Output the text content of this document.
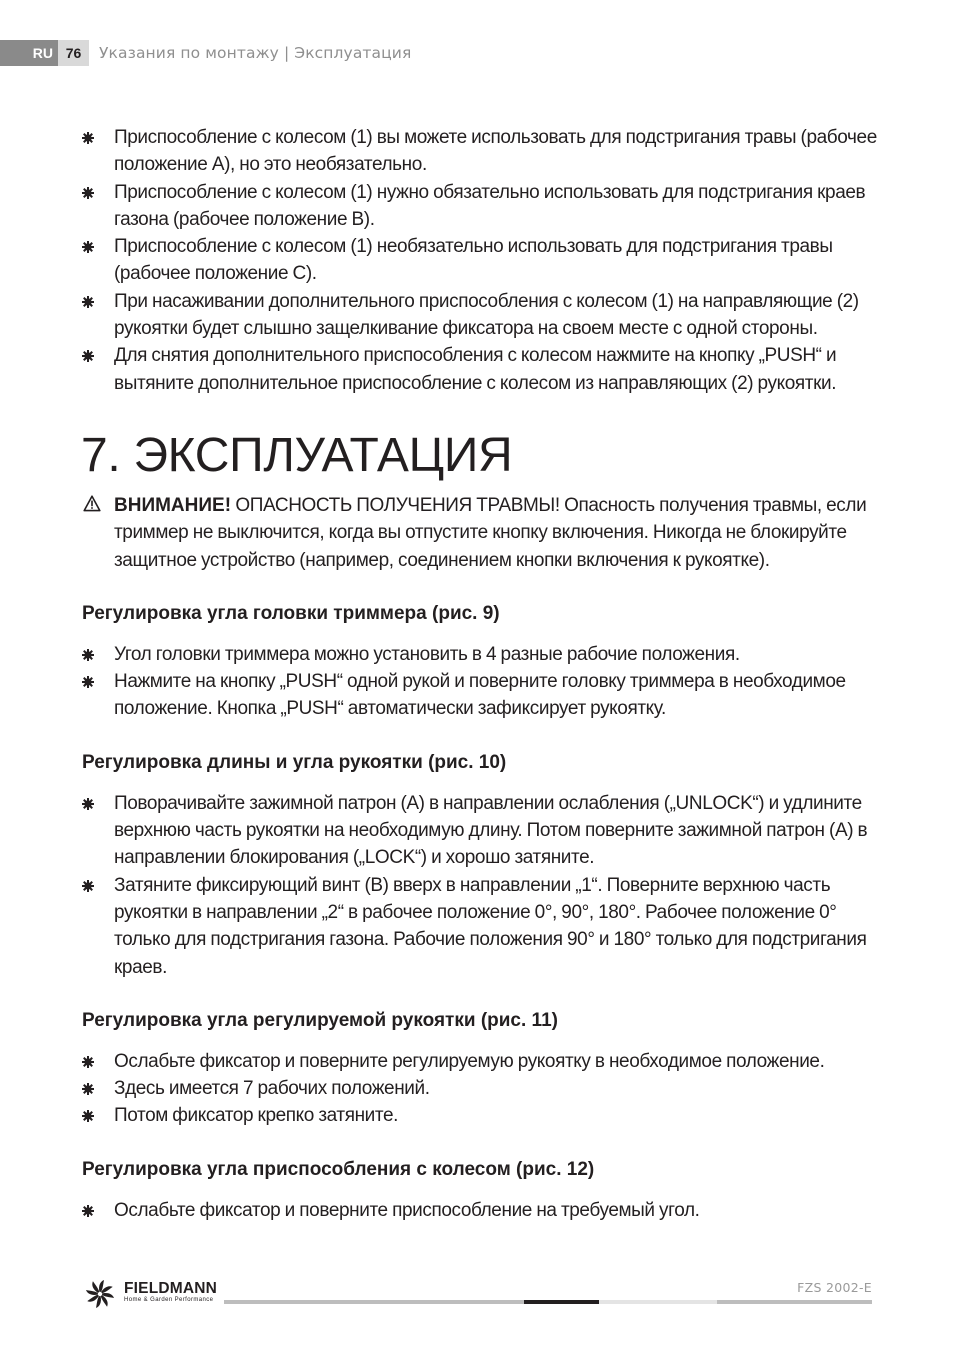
RU 76	Указания по монтажу | Эксплуатация
Приспособление с колесом (1) вы можете использовать для подстригания травы (рабочее положение А), но это необязательно.
Приспособление с колесом (1) нужно обязательно использовать для подстригания краев газона (рабочее положение В).
Приспособление с колесом (1) необязательно использовать для подстригания травы (рабочее положение С).
При насаживании дополнительного приспособления с колесом (1) на направляющие (2) рукоятки будет слышно защелкивание фиксатора на своем месте с одной стороны.
Для снятия дополнительного приспособления с колесом нажмите на кнопку „PUSH“ и вытяните дополнительное приспособление с колесом из направляющих (2) рукоятки.
7. ЭКСПЛУАТАЦИЯ
ВНИМАНИЕ! ОПАСНОСТЬ ПОЛУЧЕНИЯ ТРАВМЫ! Опасность получения травмы, если триммер не выключится, когда вы отпустите кнопку включения. Никогда не блокируйте защитное устройство (например, соединением кнопки включения к рукоятке).
Регулировка угла головки триммера (рис. 9)
Угол головки триммера можно установить в 4 разные рабочие положения.
Нажмите на кнопку „PUSH“ одной рукой и поверните головку триммера в необходимое положение. Кнопка „PUSH“ автоматически зафиксирует рукоятку.
Регулировка длины и угла рукоятки (рис. 10)
Поворачивайте зажимной патрон (А) в направлении ослабления („UNLOCK“) и удлините верхнюю часть рукоятки на необходимую длину. Потом поверните зажимной патрон (А) в направлении блокирования („LOCK“) и хорошо затяните.
Затяните фиксирующий винт (В) вверх в направлении „1“. Поверните верхнюю часть рукоятки в направлении „2“ в рабочее положение 0°, 90°, 180°. Рабочее положение 0° только для подстригания газона. Рабочие положения 90° и 180° только для подстригания краев.
Регулировка угла регулируемой рукоятки (рис. 11)
Ослабьте фиксатор и поверните регулируемую рукоятку в необходимое положение.
Здесь имеется 7 рабочих положений.
Потом фиксатор крепко затяните.
Регулировка угла приспособления с колесом (рис. 12)
Ослабьте фиксатор и поверните приспособление на требуемый угол.
FIELDMANN
Home & Garden Performance
FZS 2002-E
